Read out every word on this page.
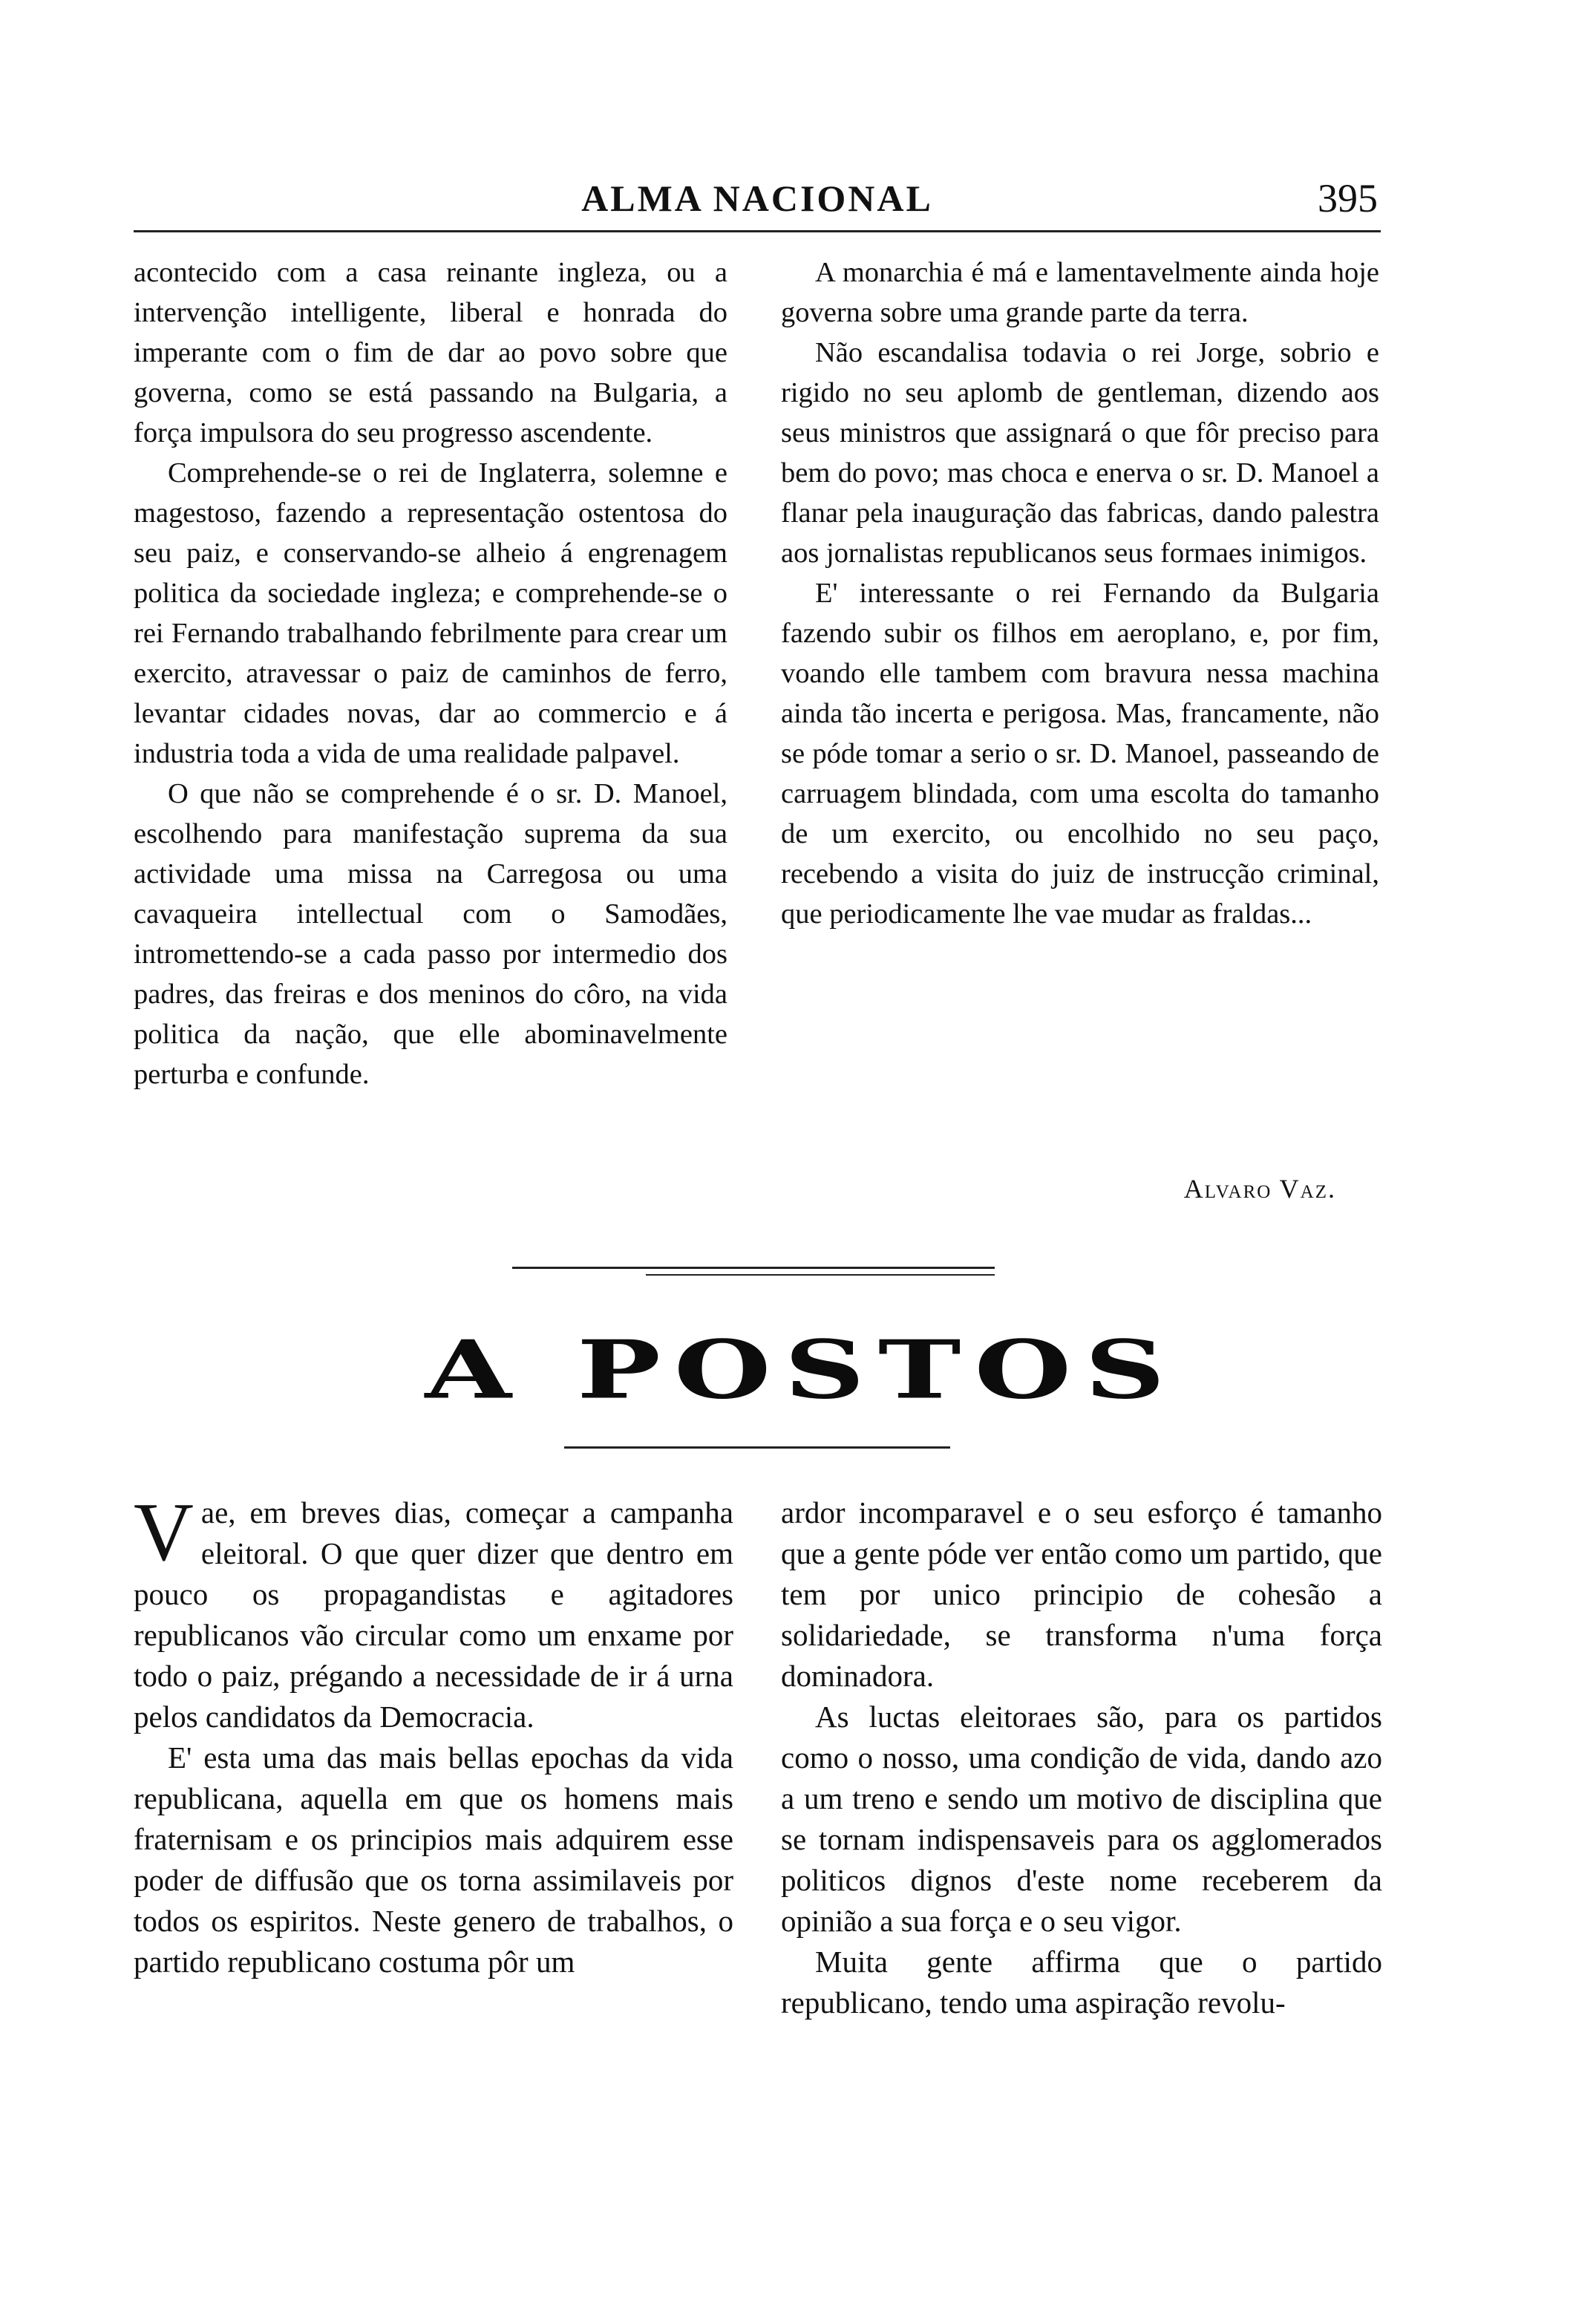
ALMA NACIONAL	395

acontecido com a casa reinante ingleza, ou a intervenção intelligente, liberal e honrada do imperante com o fim de dar ao povo sobre que governa, como se está passando na Bulgaria, a força impulsora do seu progresso ascendente.

Comprehende-se o rei de Inglaterra, solemne e magestoso, fazendo a representação ostentosa do seu paiz, e conservando-se alheio á engrenagem politica da sociedade ingleza; e comprehende-se o rei Fernando trabalhando febrilmente para crear um exercito, atravessar o paiz de caminhos de ferro, levantar cidades novas, dar ao commercio e á industria toda a vida de uma realidade palpavel.

O que não se comprehende é o sr. D. Manoel, escolhendo para manifestação suprema da sua actividade uma missa na Carregosa ou uma cavaqueira intellectual com o Samodães, intromettendo-se a cada passo por intermedio dos padres, das freiras e dos meninos do côro, na vida politica da nação, que elle abominavelmente perturba e confunde.

A monarchia é má e lamentavelmente ainda hoje governa sobre uma grande parte da terra.

Não escandalisa todavia o rei Jorge, sobrio e rigido no seu aplomb de gentleman, dizendo aos seus ministros que assignará o que fôr preciso para bem do povo; mas choca e enerva o sr. D. Manoel a flanar pela inauguração das fabricas, dando palestra aos jornalistas republicanos seus formaes inimigos.

E' interessante o rei Fernando da Bulgaria fazendo subir os filhos em aeroplano, e, por fim, voando elle tambem com bravura nessa machina ainda tão incerta e perigosa. Mas, francamente, não se póde tomar a serio o sr. D. Manoel, passeando de carruagem blindada, com uma escolta do tamanho de um exercito, ou encolhido no seu paço, recebendo a visita do juiz de instrucção criminal, que periodicamente lhe vae mudar as fraldas...

Alvaro Vaz.
A POSTOS
V ae, em breves dias, começar a campanha eleitoral. O que quer dizer que dentro em pouco os propagandistas e agitadores republicanos vão circular como um enxame por todo o paiz, prégando a necessidade de ir á urna pelos candidatos da Democracia.

E' esta uma das mais bellas epochas da vida republicana, aquella em que os homens mais fraternisam e os principios mais adquirem esse poder de diffusão que os torna assimilaveis por todos os espiritos. Neste genero de trabalhos, o partido republicano costuma pôr um

ardor incomparavel e o seu esforço é tamanho que a gente póde ver então como um partido, que tem por unico principio de cohesão a solidariedade, se transforma n'uma força dominadora.

As luctas eleitoraes são, para os partidos como o nosso, uma condição de vida, dando azo a um treno e sendo um motivo de disciplina que se tornam indispensaveis para os agglomerados politicos dignos d'este nome receberem da opinião a sua força e o seu vigor.

Muita gente affirma que o partido republicano, tendo uma aspiração revolu-
